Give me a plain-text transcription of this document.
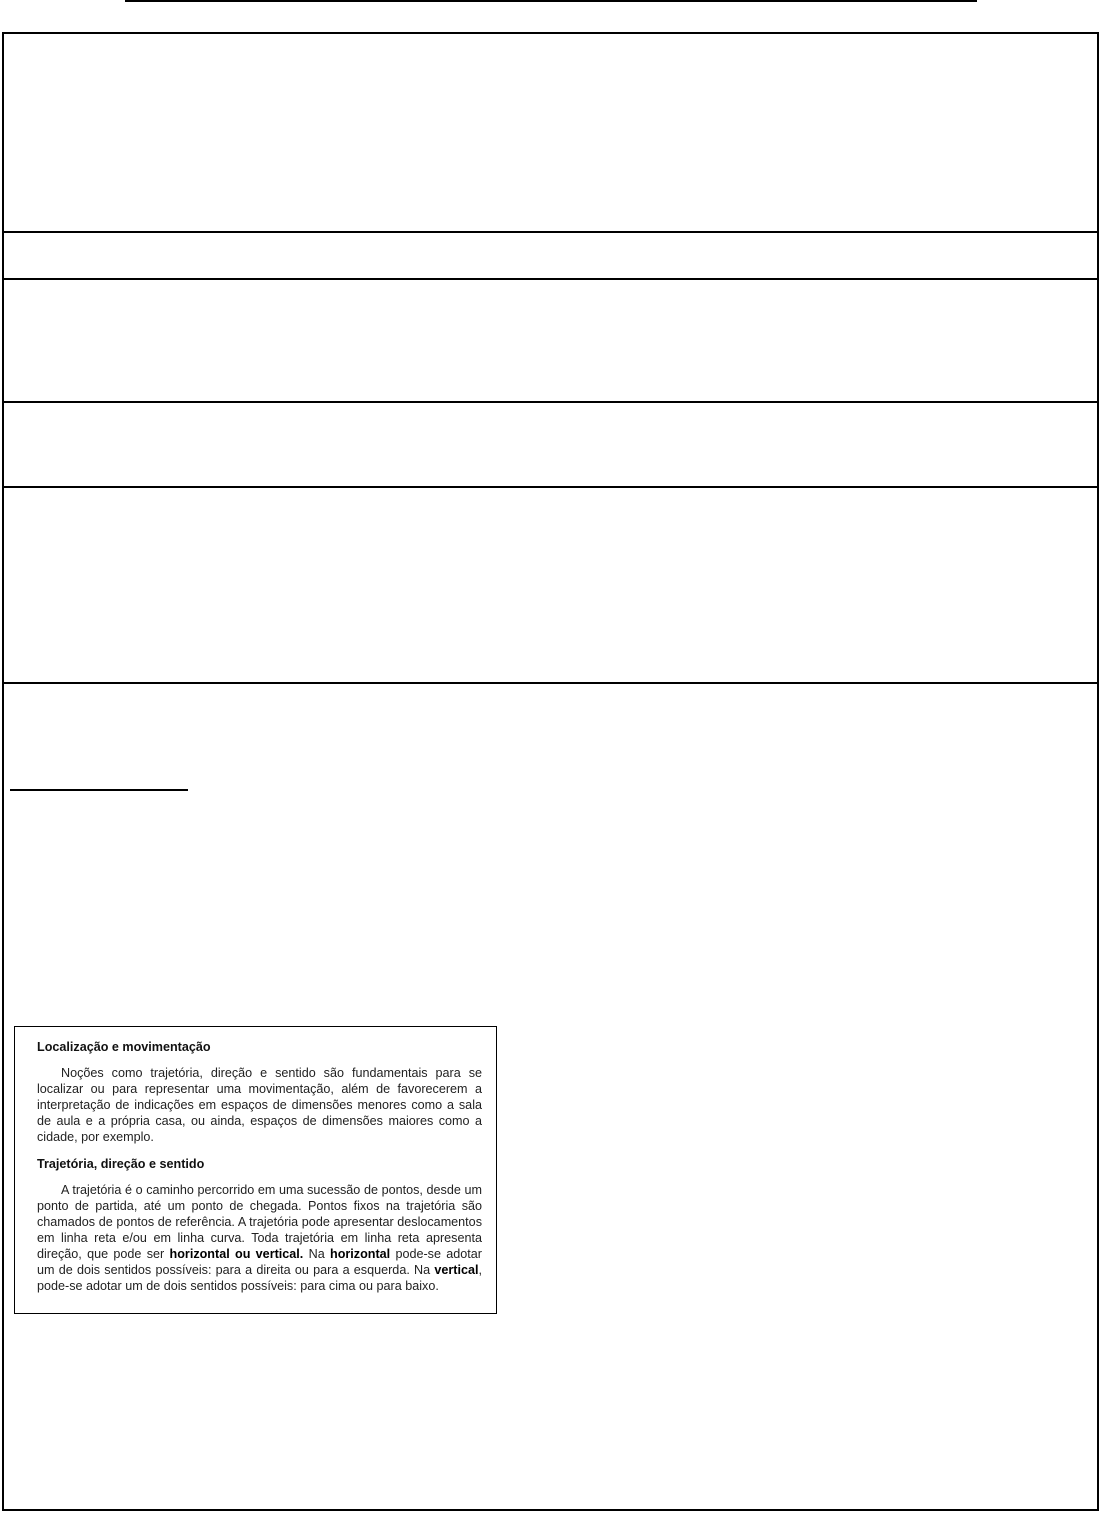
Localização e movimentação

Noções como trajetória, direção e sentido são fundamentais para se localizar ou para representar uma movimentação, além de favorecerem a interpretação de indicações em espaços de dimensões menores como a sala de aula e a própria casa, ou ainda, espaços de dimensões maiores como a cidade, por exemplo.

Trajetória, direção e sentido

A trajetória é o caminho percorrido em uma sucessão de pontos, desde um ponto de partida, até um ponto de chegada. Pontos fixos na trajetória são chamados de pontos de referência. A trajetória pode apresentar deslocamentos em linha reta e/ou em linha curva. Toda trajetória em linha reta apresenta direção, que pode ser horizontal ou vertical. Na horizontal pode-se adotar um de dois sentidos possíveis: para a direita ou para a esquerda. Na vertical, pode-se adotar um de dois sentidos possíveis: para cima ou para baixo.
